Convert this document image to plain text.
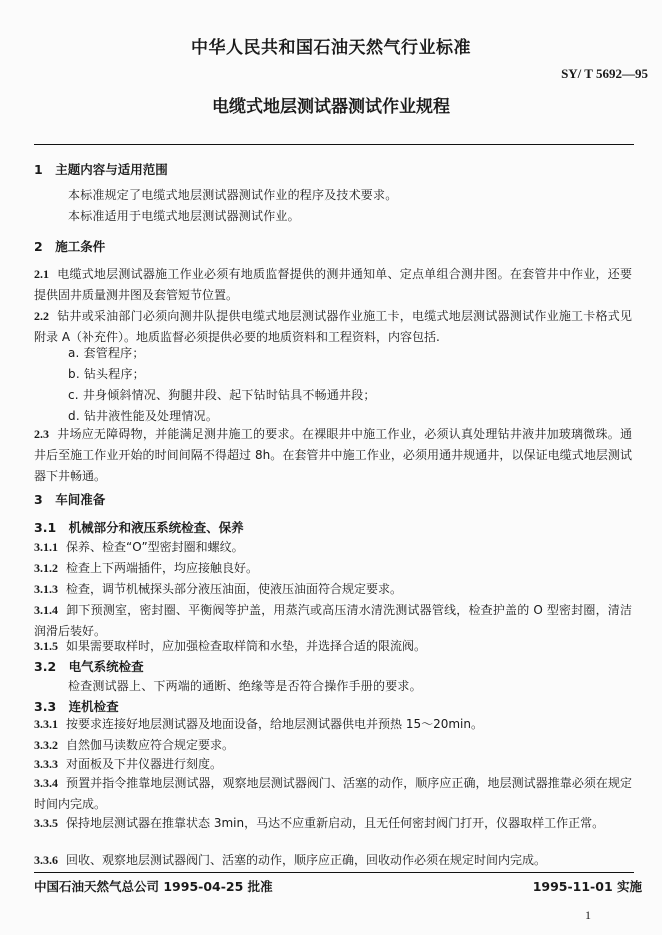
中华人民共和国石油天然气行业标准
SY/ T 5692—95
电缆式地层测试器测试作业规程
1　主题内容与适用范围
本标准规定了电缆式地层测试器测试作业的程序及技术要求。
本标准适用于电缆式地层测试器测试作业。
2　施工条件
2.1 电缆式地层测试器施工作业必须有地质监督提供的测井通知单、定点单组合测井图。在套管井中作业，还要提供固井质量测井图及套管短节位置。
2.2 钻井或采油部门必须向测井队提供电缆式地层测试器作业施工卡，电缆式地层测试器测试作业施工卡格式见附录 A（补充件）。地质监督必须提供必要的地质资料和工程资料，内容包括.
a. 套管程序；
b. 钻头程序；
c. 井身倾斜情况、狗腿井段、起下钻时钻具不畅通井段；
d. 钻井液性能及处理情况。
2.3 井场应无障碍物，并能满足测井施工的要求。在裸眼井中施工作业，必须认真处理钻井液井加玻璃微珠。通井后至施工作业开始的时间间隔不得超过 8h。在套管井中施工作业，必须用通井规通井，以保证电缆式地层测试器下井畅通。
3　车间准备
3.1　机械部分和液压系统检查、保养
3.1.1 保养、检查“O”型密封圈和螺纹。
3.1.2 检查上下两端插件，均应接触良好。
3.1.3 检查，调节机械探头部分液压油面，使液压油面符合规定要求。
3.1.4 卸下预测室，密封圈、平衡阀等护盖，用蒸汽或高压清水清洗测试器管线，检查护盖的 O 型密封圈，清洁润滑后装好。
3.1.5 如果需要取样时，应加强检查取样筒和水垫，并选择合适的限流阀。
3.2　电气系统检查
检查测试器上、下两端的通断、绝缘等是否符合操作手册的要求。
3.3　连机检查
3.3.1 按要求连接好地层测试器及地面设备，给地层测试器供电并预热 15～20min。
3.3.2 自然伽马读数应符合规定要求。
3.3.3 对面板及下井仪器进行刻度。
3.3.4 预置并指令推靠地层测试器，观察地层测试器阀门、活塞的动作，顺序应正确，地层测试器推靠必须在规定时间内完成。
3.3.5 保持地层测试器在推靠状态 3min，马达不应重新启动，且无任何密封阀门打开，仪器取样工作正常。
3.3.6 回收、观察地层测试器阀门、活塞的动作，顺序应正确，回收动作必须在规定时间内完成。
中国石油天然气总公司 1995-04-25 批准	1995-11-01 实施
1
